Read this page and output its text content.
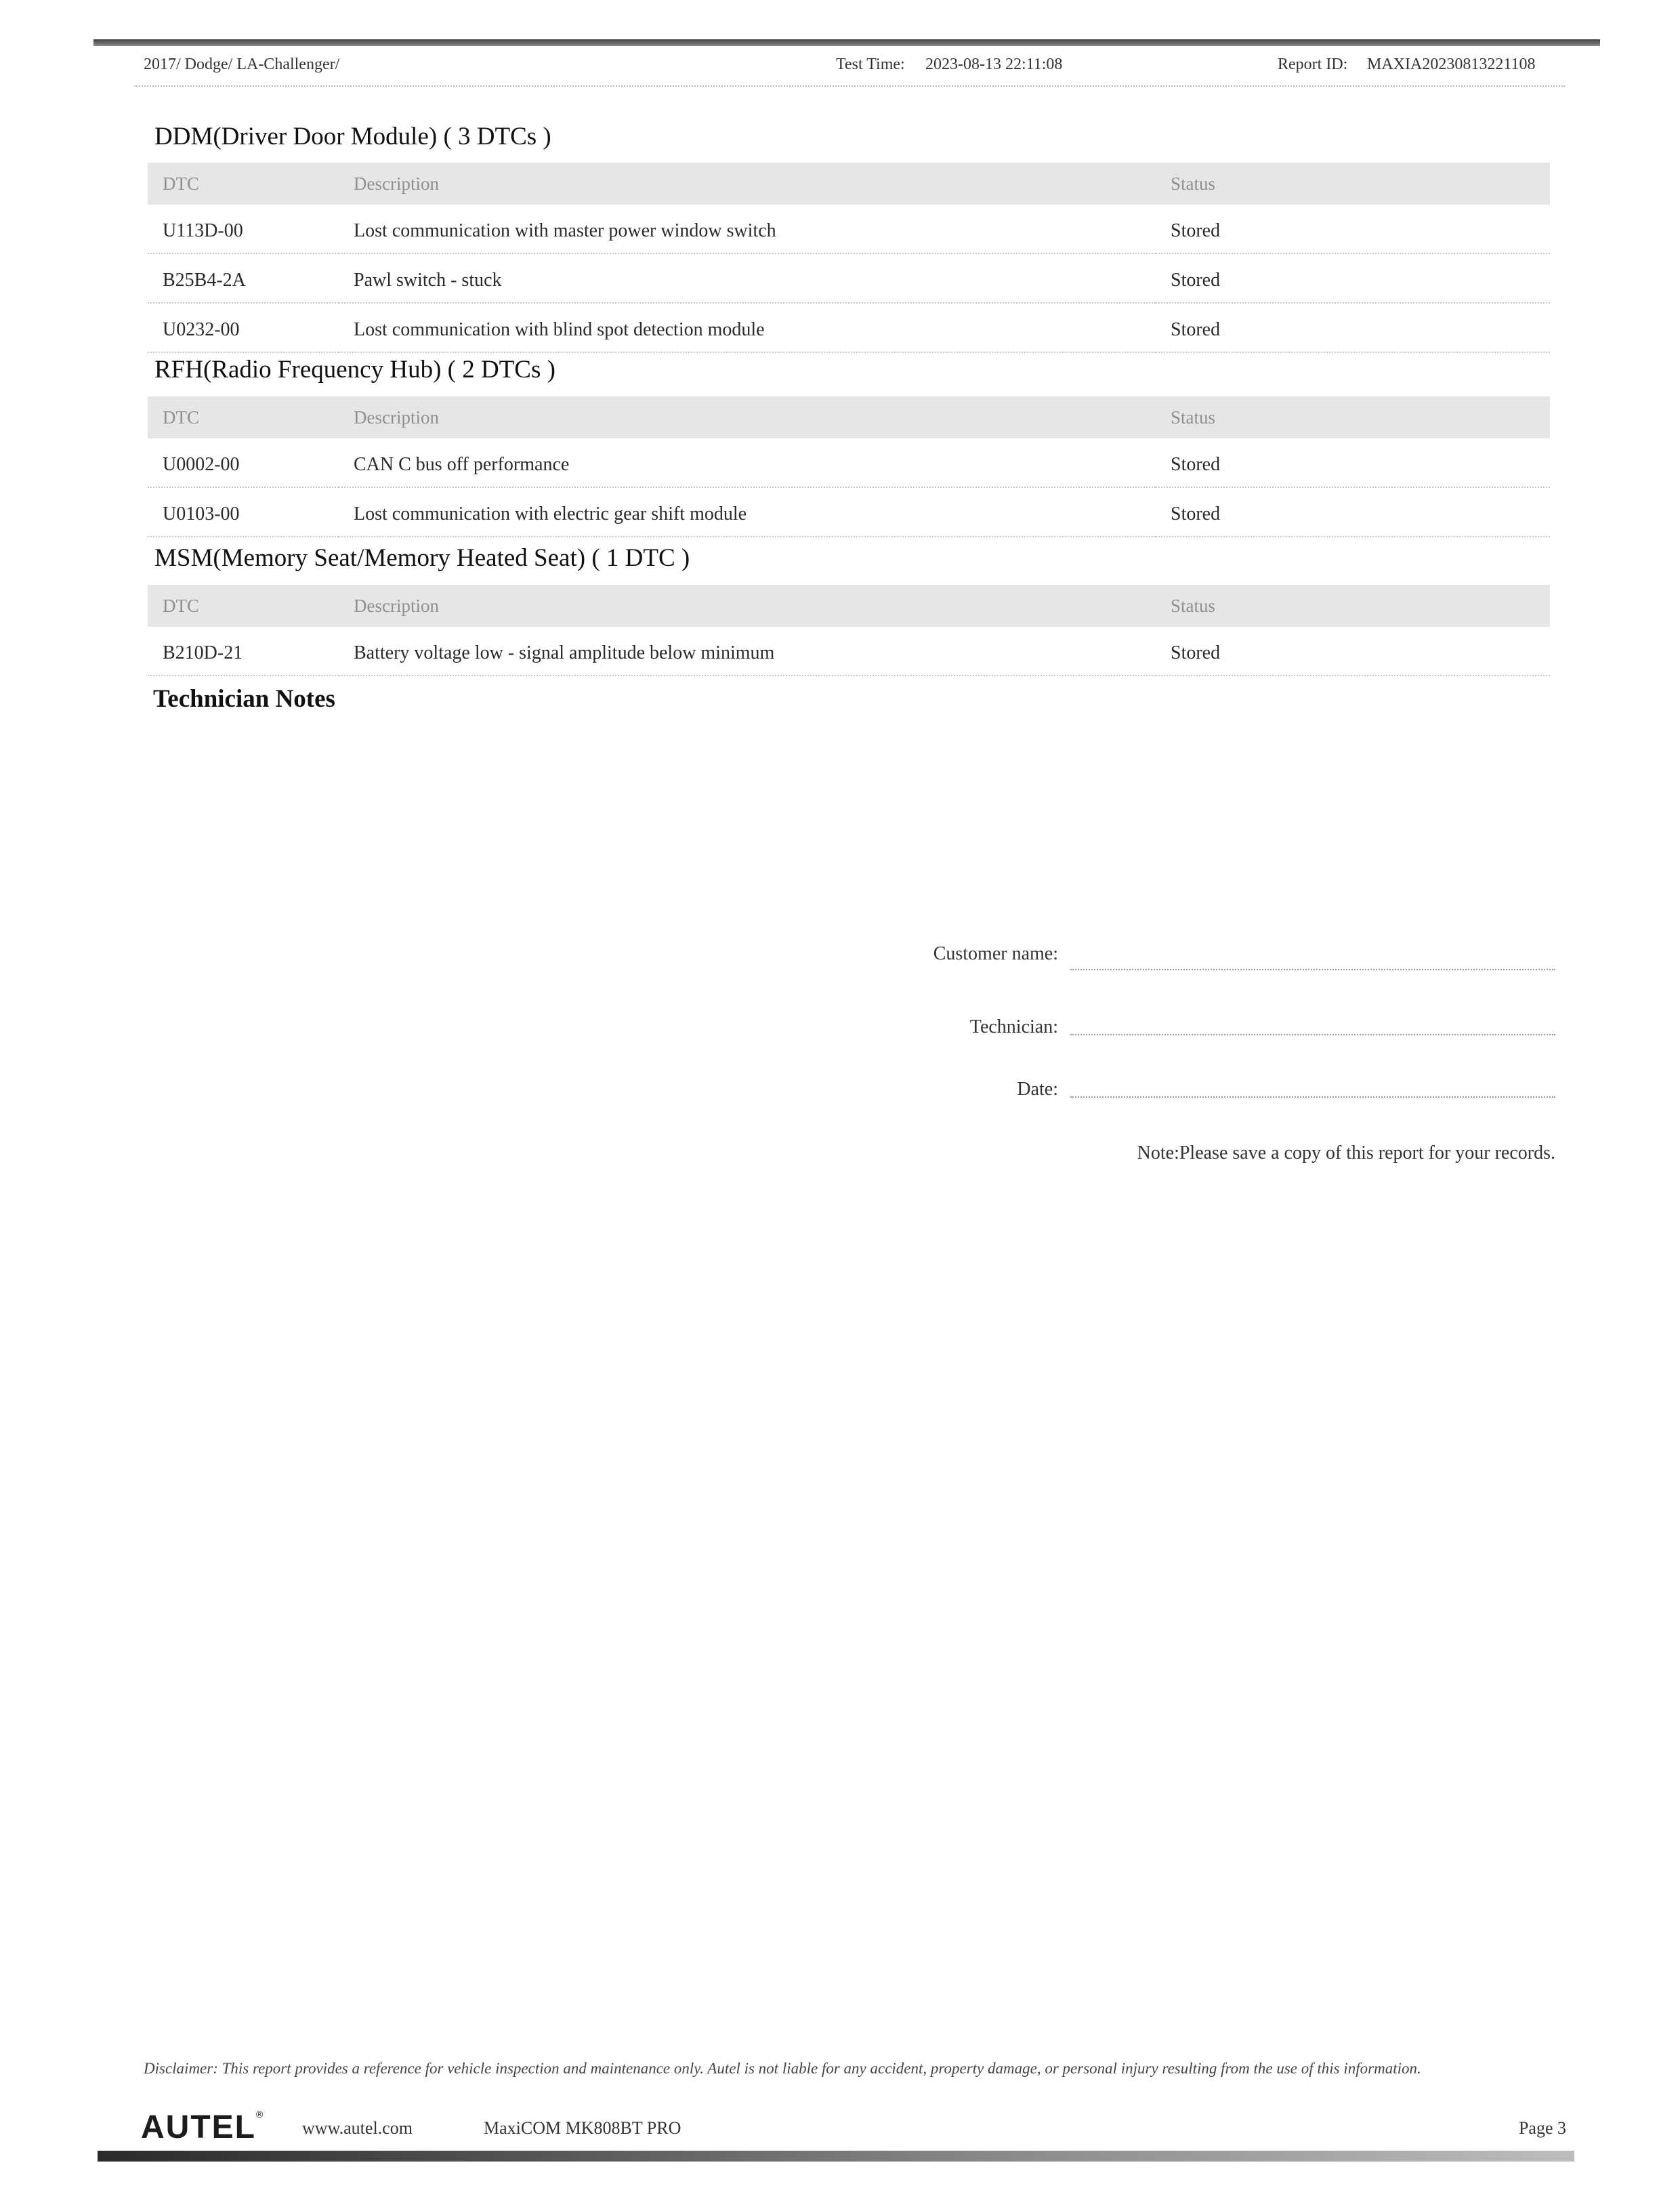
2017/ Dodge/ LA-Challenger/	Test Time: 2023-08-13 22:11:08	Report ID: MAXIA20230813221108
DDM(Driver Door Module) ( 3 DTCs )
DTC	Description	Status
U113D-00	Lost communication with master power window switch	Stored
B25B4-2A	Pawl switch - stuck	Stored
U0232-00	Lost communication with blind spot detection module	Stored
RFH(Radio Frequency Hub) ( 2 DTCs )
DTC	Description	Status
U0002-00	CAN C bus off performance	Stored
U0103-00	Lost communication with electric gear shift module	Stored
MSM(Memory Seat/Memory Heated Seat) ( 1 DTC )
DTC	Description	Status
B210D-21	Battery voltage low - signal amplitude below minimum	Stored
Technician Notes
Customer name:
Technician:
Date:
Note:Please save a copy of this report for your records.
Disclaimer: This report provides a reference for vehicle inspection and maintenance only. Autel is not liable for any accident, property damage, or personal injury resulting from the use of this information.
AUTEL®
www.autel.com	MaxiCOM MK808BT PRO	Page 3
